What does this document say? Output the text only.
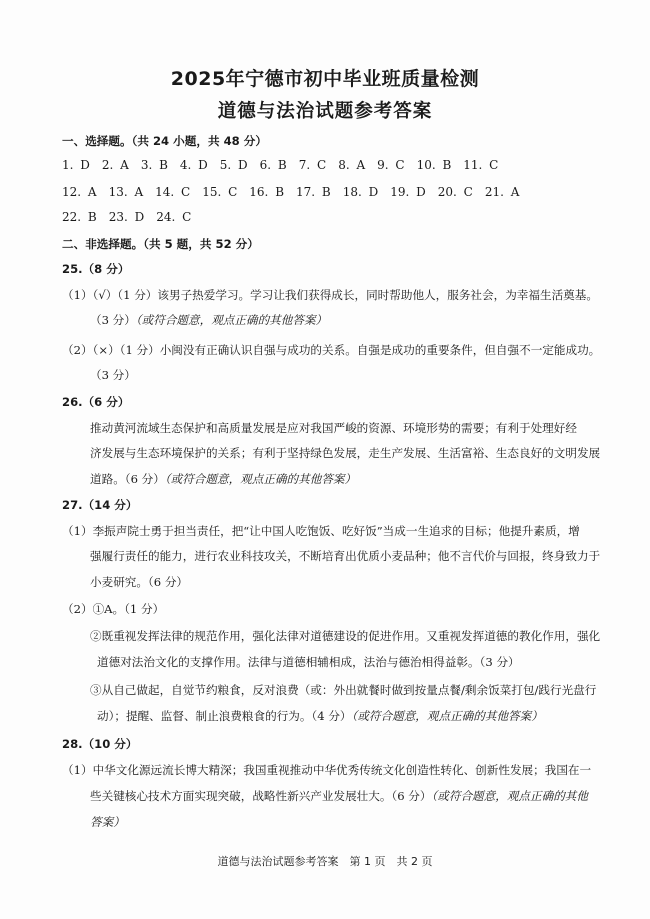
2025年宁德市初中毕业班质量检测
道德与法治试题参考答案
一、选择题。（共 24 小题，共 48 分）
1. D　2. A　3. B　4. D　5. D　6. B　7. C　8. A　9. C　10. B　11. C
12. A　13. A　14. C　15. C　16. B　17. B　18. D　19. D　20. C　21. A
22. B　23. D　24. C
二、非选择题。（共 5 题，共 52 分）
25.（8 分）
（1）（√）（1 分）该男子热爱学习。学习让我们获得成长，同时帮助他人，服务社会，为幸福生活奠基。
（3 分）（或符合题意，观点正确的其他答案）
（2）（×）（1 分）小闽没有正确认识自强与成功的关系。自强是成功的重要条件，但自强不一定能成功。
（3 分）
26.（6 分）
推动黄河流域生态保护和高质量发展是应对我国严峻的资源、环境形势的需要；有利于处理好经
济发展与生态环境保护的关系；有利于坚持绿色发展，走生产发展、生活富裕、生态良好的文明发展
道路。（6 分）（或符合题意，观点正确的其他答案）
27.（14 分）
（1）李振声院士勇于担当责任，把“让中国人吃饱饭、吃好饭”当成一生追求的目标；他提升素质，增
强履行责任的能力，进行农业科技攻关，不断培育出优质小麦品种；他不言代价与回报，终身致力于
小麦研究。（6 分）
（2）①A。（1 分）
②既重视发挥法律的规范作用，强化法律对道德建设的促进作用。又重视发挥道德的教化作用，强化
道德对法治文化的支撑作用。法律与道德相辅相成，法治与德治相得益彰。（3 分）
③从自己做起，自觉节约粮食，反对浪费（或：外出就餐时做到按量点餐/剩余饭菜打包/践行光盘行
动）；提醒、监督、制止浪费粮食的行为。（4 分）（或符合题意，观点正确的其他答案）
28.（10 分）
（1）中华文化源远流长博大精深；我国重视推动中华优秀传统文化创造性转化、创新性发展；我国在一
些关键核心技术方面实现突破，战略性新兴产业发展壮大。（6 分）（或符合题意，观点正确的其他
答案）
道德与法治试题参考答案　第 1 页　共 2 页
